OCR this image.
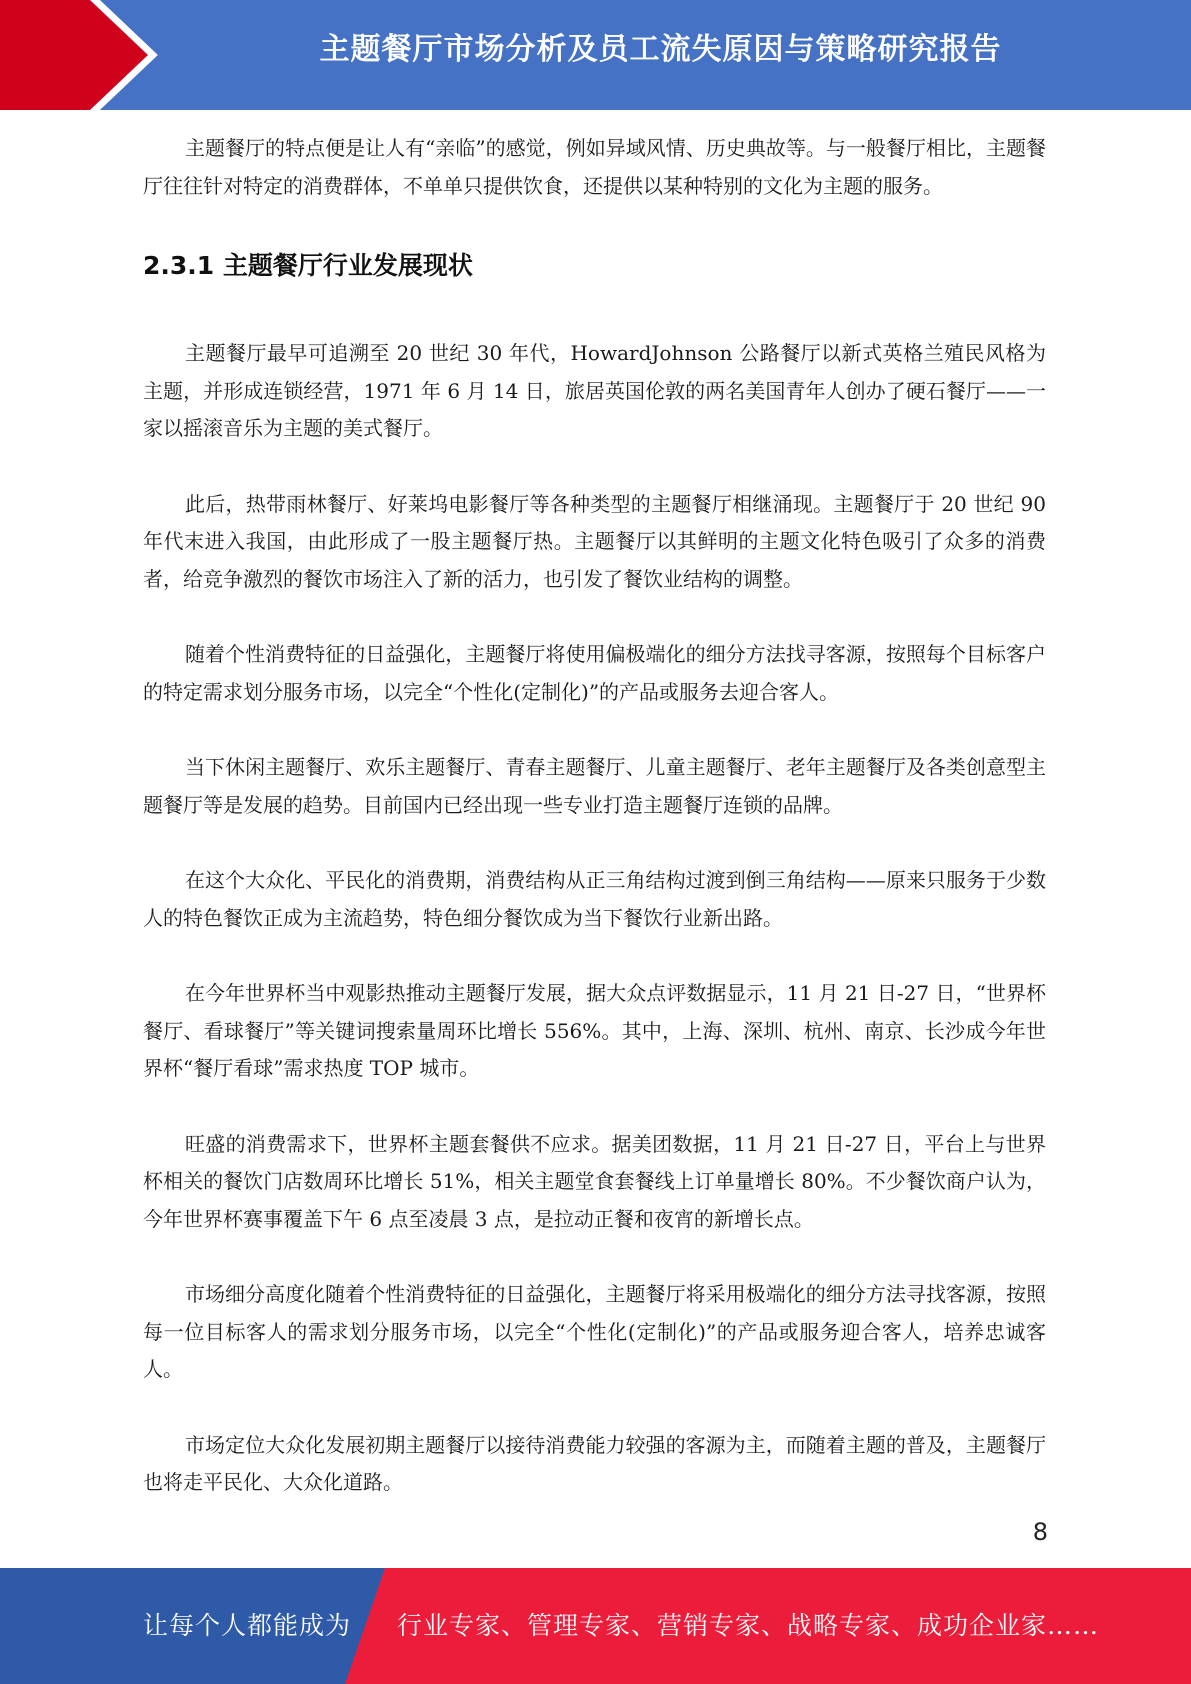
主题餐厅市场分析及员工流失原因与策略研究报告

主题餐厅的特点便是让人有“亲临”的感觉，例如异域风情、历史典故等。与一般餐厅相比，主题餐厅往往针对特定的消费群体，不单单只提供饮食，还提供以某种特别的文化为主题的服务。

2.3.1 主题餐厅行业发展现状

主题餐厅最早可追溯至 20 世纪 30 年代，HowardJohnson 公路餐厅以新式英格兰殖民风格为主题，并形成连锁经营，1971 年 6 月 14 日，旅居英国伦敦的两名美国青年人创办了硬石餐厅——一家以摇滚音乐为主题的美式餐厅。

此后，热带雨林餐厅、好莱坞电影餐厅等各种类型的主题餐厅相继涌现。主题餐厅于 20 世纪 90 年代末进入我国，由此形成了一股主题餐厅热。主题餐厅以其鲜明的主题文化特色吸引了众多的消费者，给竞争激烈的餐饮市场注入了新的活力，也引发了餐饮业结构的调整。

随着个性消费特征的日益强化，主题餐厅将使用偏极端化的细分方法找寻客源，按照每个目标客户的特定需求划分服务市场，以完全“个性化(定制化)”的产品或服务去迎合客人。

当下休闲主题餐厅、欢乐主题餐厅、青春主题餐厅、儿童主题餐厅、老年主题餐厅及各类创意型主题餐厅等是发展的趋势。目前国内已经出现一些专业打造主题餐厅连锁的品牌。

在这个大众化、平民化的消费期，消费结构从正三角结构过渡到倒三角结构——原来只服务于少数人的特色餐饮正成为主流趋势，特色细分餐饮成为当下餐饮行业新出路。

在今年世界杯当中观影热推动主题餐厅发展，据大众点评数据显示，11 月 21 日-27 日，“世界杯餐厅、看球餐厅”等关键词搜索量周环比增长 556%。其中，上海、深圳、杭州、南京、长沙成今年世界杯“餐厅看球”需求热度 TOP 城市。

旺盛的消费需求下，世界杯主题套餐供不应求。据美团数据，11 月 21 日-27 日，平台上与世界杯相关的餐饮门店数周环比增长 51%，相关主题堂食套餐线上订单量增长 80%。不少餐饮商户认为，今年世界杯赛事覆盖下午 6 点至凌晨 3 点，是拉动正餐和夜宵的新增长点。

市场细分高度化随着个性消费特征的日益强化，主题餐厅将采用极端化的细分方法寻找客源，按照每一位目标客人的需求划分服务市场，以完全“个性化(定制化)”的产品或服务迎合客人，培养忠诚客人。

市场定位大众化发展初期主题餐厅以接待消费能力较强的客源为主，而随着主题的普及，主题餐厅也将走平民化、大众化道路。

8
让每个人都能成为 行业专家、管理专家、营销专家、战略专家、成功企业家……
